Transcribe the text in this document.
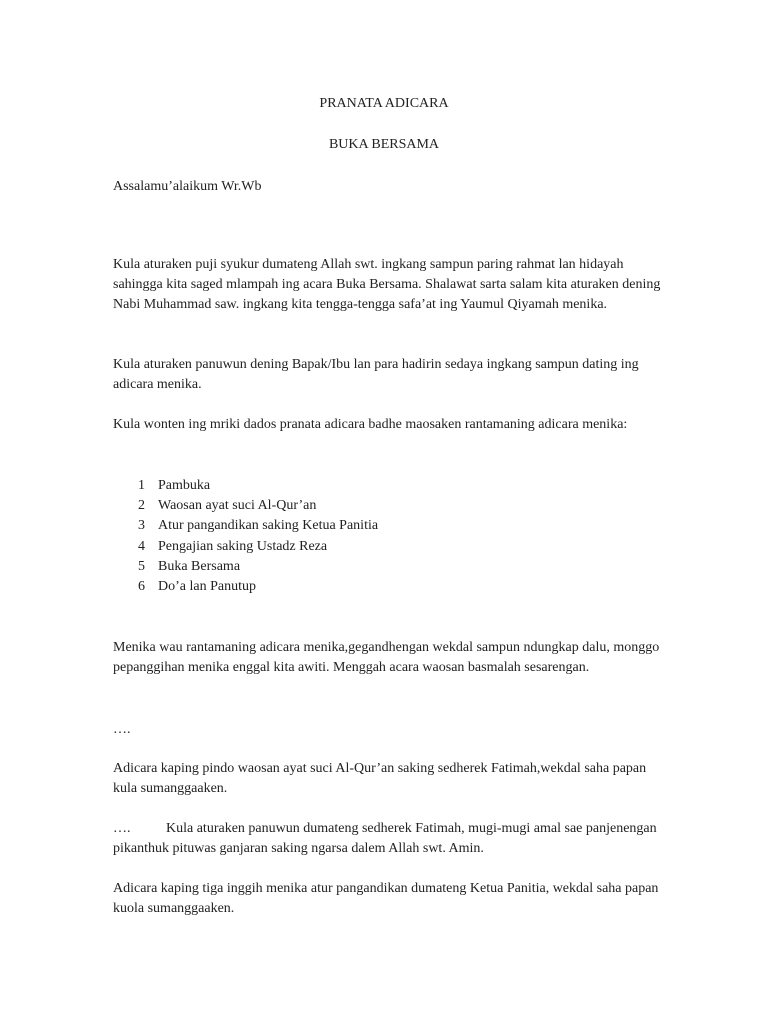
PRANATA ADICARA
BUKA BERSAMA

Assalamu’alaikum Wr.Wb

Kula aturaken puji syukur dumateng Allah swt. ingkang sampun paring rahmat lan hidayah sahingga kita saged mlampah ing acara Buka Bersama. Shalawat sarta salam kita aturaken dening Nabi Muhammad saw. ingkang kita tengga-tengga safa’at ing Yaumul Qiyamah menika.

Kula aturaken panuwun dening Bapak/Ibu lan para hadirin sedaya ingkang sampun dating ing adicara menika.

Kula wonten ing mriki dados pranata adicara badhe maosaken rantamaning adicara menika:

1 Pambuka
2 Waosan ayat suci Al-Qur’an
3 Atur pangandikan saking Ketua Panitia
4 Pengajian saking Ustadz Reza
5 Buka Bersama
6 Do’a lan Panutup

Menika wau rantamaning adicara menika,gegandhengan wekdal sampun ndungkap dalu, monggo pepanggihan menika enggal kita awiti. Menggah acara waosan basmalah sesarengan.

….

Adicara kaping pindo waosan ayat suci Al-Qur’an saking sedherek Fatimah,wekdal saha papan kula sumanggaaken.

….	Kula aturaken panuwun dumateng sedherek Fatimah, mugi-mugi amal sae panjenengan pikanthuk pituwas ganjaran saking ngarsa dalem Allah swt. Amin.

Adicara kaping tiga inggih menika atur pangandikan dumateng Ketua Panitia, wekdal saha papan kuola sumanggaaken.
